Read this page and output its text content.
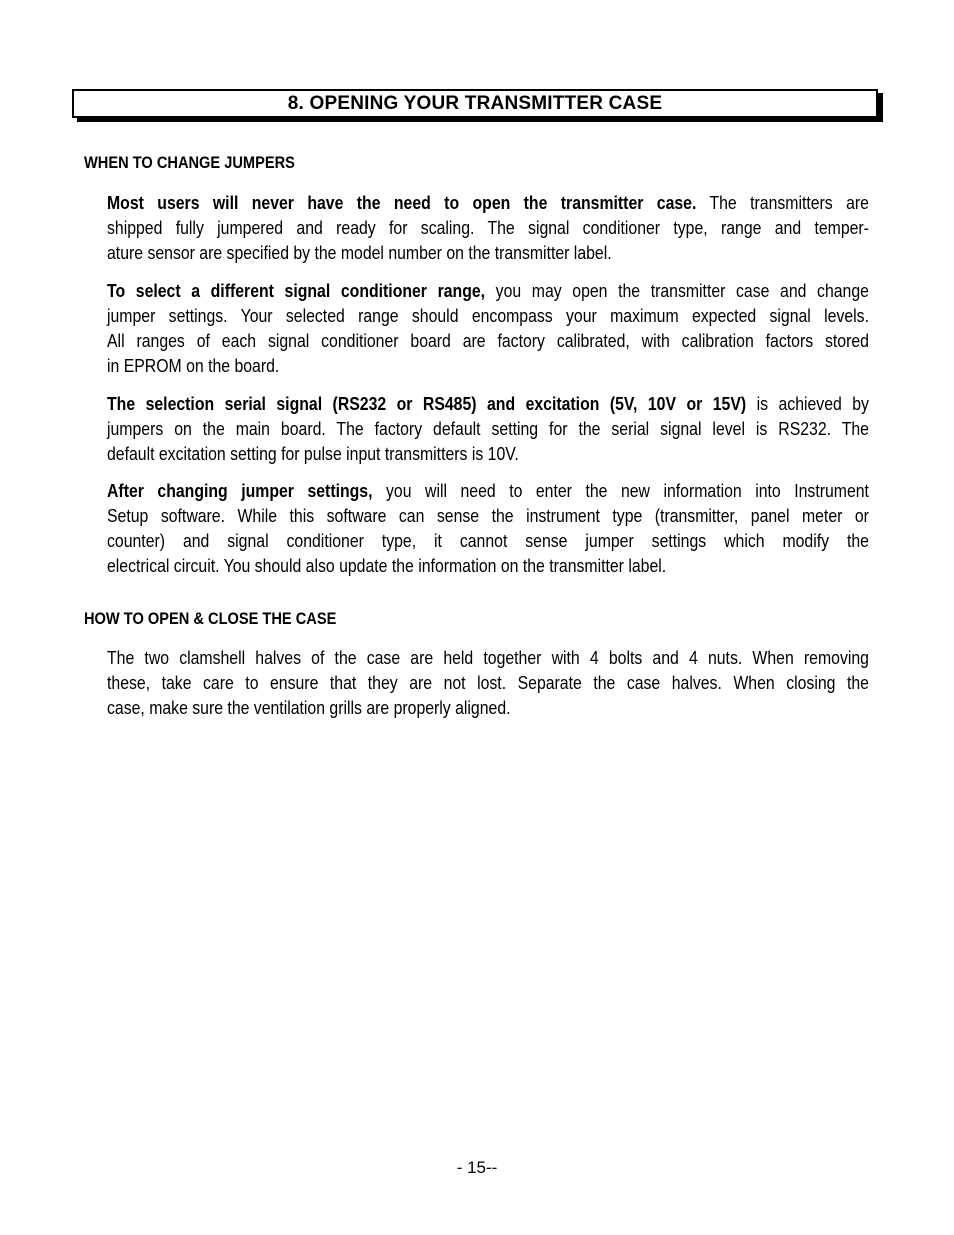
8. OPENING YOUR TRANSMITTER CASE
WHEN TO CHANGE JUMPERS
Most users will never have the need to open the transmitter case. The transmitters are
shipped fully jumpered and ready for scaling. The signal conditioner type, range and temper-
ature sensor are specified by the model number on the transmitter label.
To select a different signal conditioner range, you may open the transmitter case and change
jumper settings. Your selected range should encompass your maximum expected signal levels.
All ranges of each signal conditioner board are factory calibrated, with calibration factors stored
in EPROM on the board.
The selection serial signal (RS232 or RS485) and excitation (5V, 10V or 15V) is achieved by
jumpers on the main board. The factory default setting for the serial signal level is RS232. The
default excitation setting for pulse input transmitters is 10V.
After changing jumper settings, you will need to enter the new information into Instrument
Setup software. While this software can sense the instrument type (transmitter, panel meter or
counter) and signal conditioner type, it cannot sense jumper settings which modify the
electrical circuit. You should also update the information on the transmitter label.
HOW TO OPEN & CLOSE THE CASE
The two clamshell halves of the case are held together with 4 bolts and 4 nuts. When removing
these, take care to ensure that they are not lost. Separate the case halves. When closing the
case, make sure the ventilation grills are properly aligned.
- 15--
